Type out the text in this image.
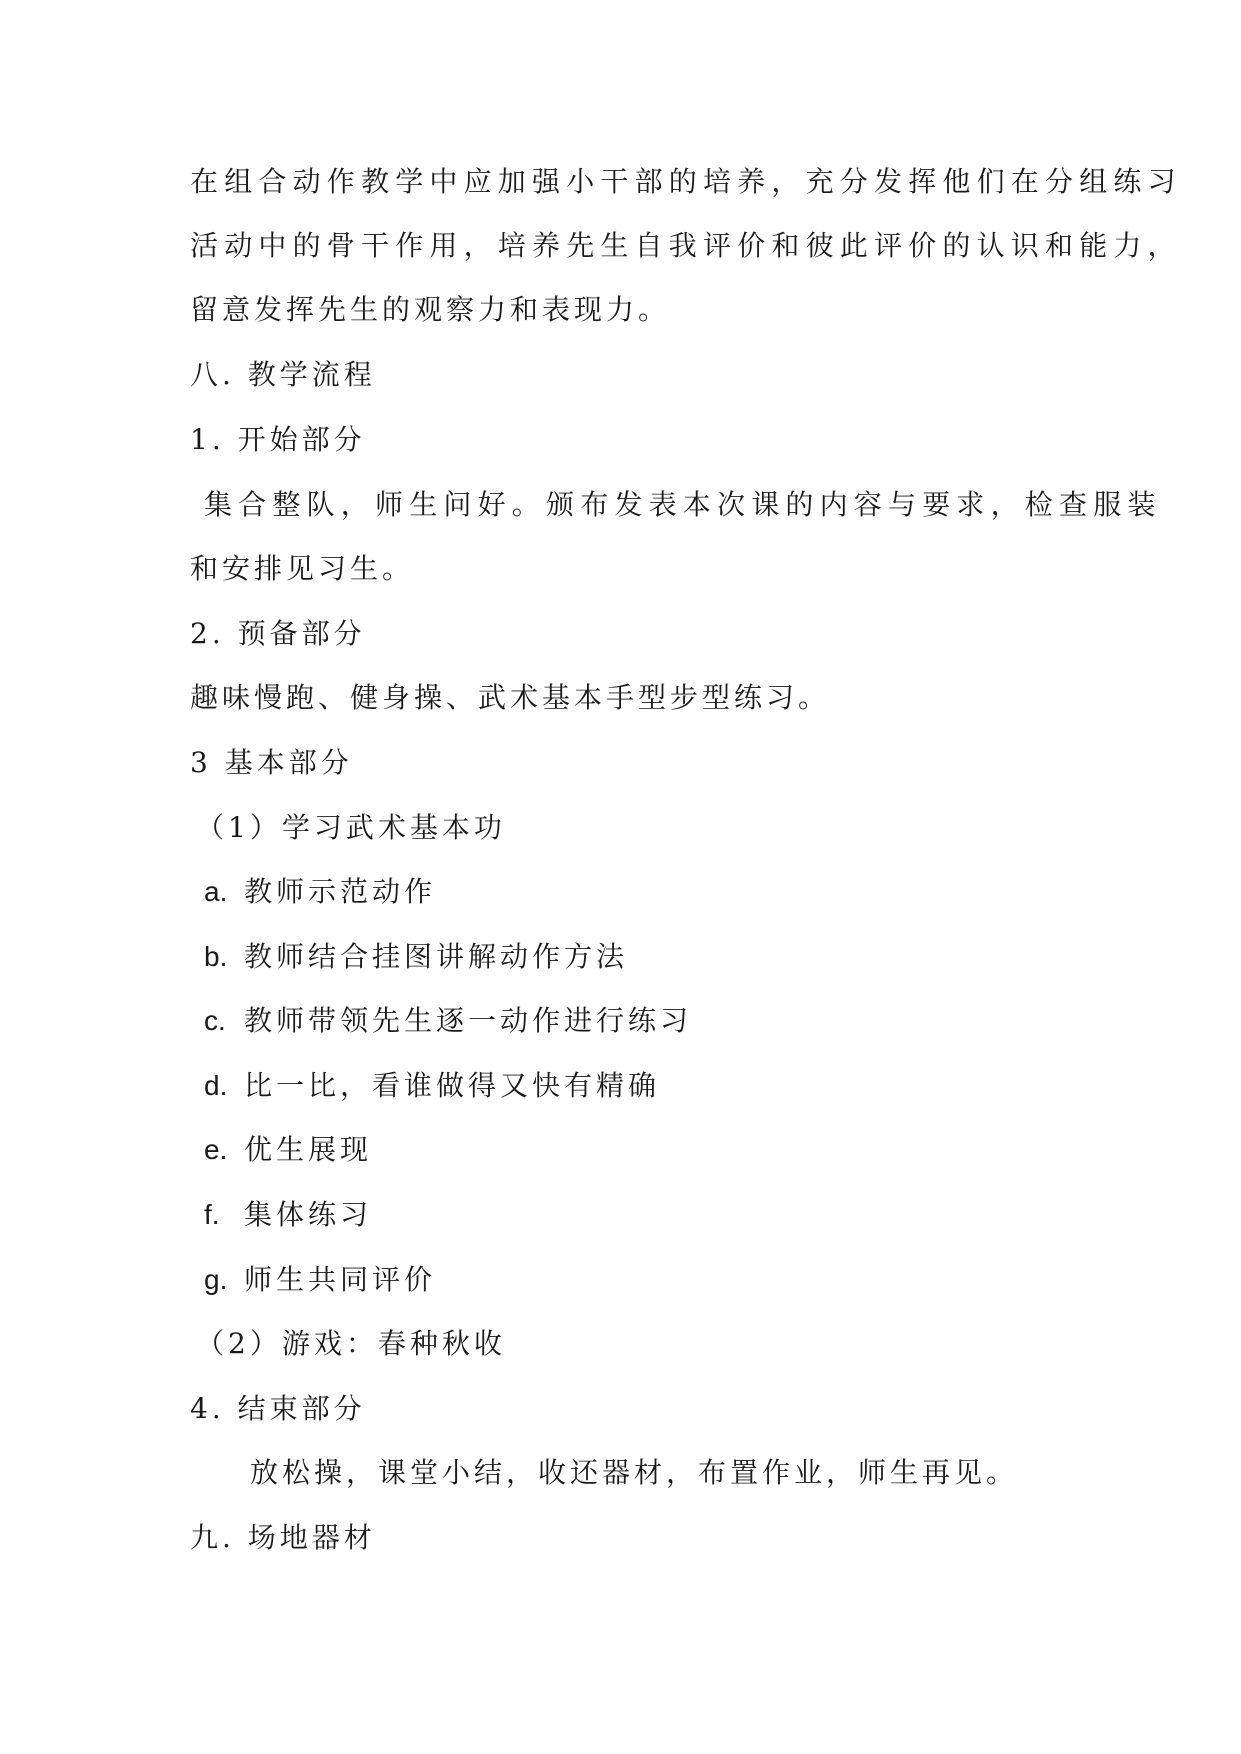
在组合动作教学中应加强小干部的培养，充分发挥他们在分组练习

活动中的骨干作用，培养先生自我评价和彼此评价的认识和能力，

留意发挥先生的观察力和表现力。

八. 教学流程

1. 开始部分

集合整队，师生问好。颁布发表本次课的内容与要求，检查服装

和安排见习生。

2. 预备部分

趣味慢跑、健身操、武术基本手型步型练习。

3 基本部分

（1）学习武术基本功

a. 教师示范动作

b. 教师结合挂图讲解动作方法

c. 教师带领先生逐一动作进行练习

d. 比一比，看谁做得又快有精确

e. 优生展现

f. 集体练习

g. 师生共同评价

（2）游戏：春种秋收

4. 结束部分

放松操，课堂小结，收还器材，布置作业，师生再见。

九. 场地器材
